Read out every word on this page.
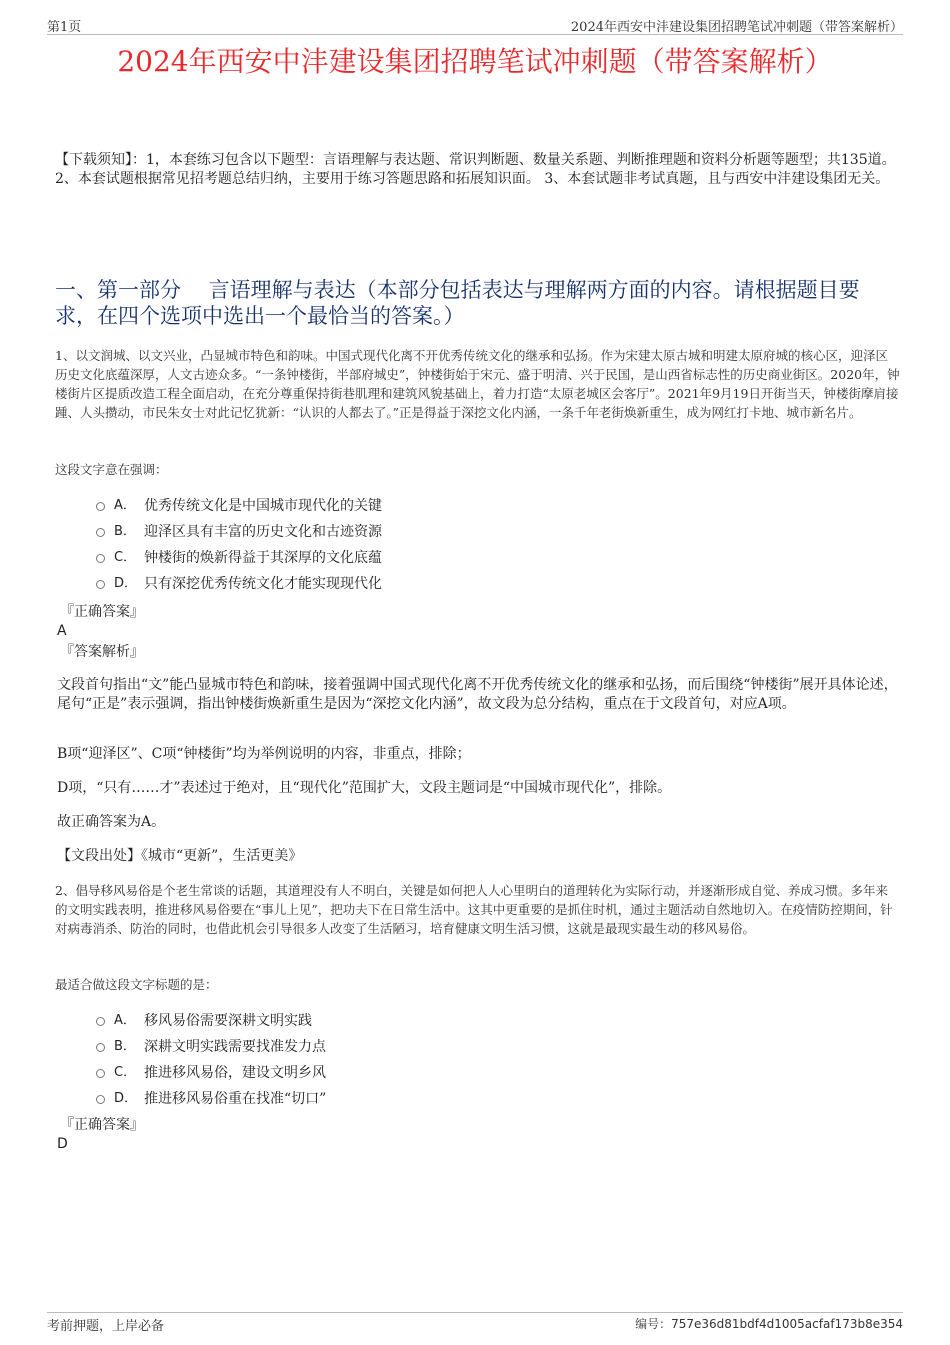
第1页	2024年西安中沣建设集团招聘笔试冲刺题（带答案解析）
2024年西安中沣建设集团招聘笔试冲刺题（带答案解析）
【下载须知】：1，本套练习包含以下题型：言语理解与表达题、常识判断题、数量关系题、判断推理题和资料分析题等题型；共135道。 2、本套试题根据常见招考题总结归纳，主要用于练习答题思路和拓展知识面。 3、本套试题非考试真题，且与西安中沣建设集团无关。
一、第一部分　 言语理解与表达（本部分包括表达与理解两方面的内容。请根据题目要求，在四个选项中选出一个最恰当的答案。）
1、以文润城、以文兴业，凸显城市特色和韵味。中国式现代化离不开优秀传统文化的继承和弘扬。作为宋建太原古城和明建太原府城的核心区，迎泽区历史文化底蕴深厚，人文古迹众多。“一条钟楼街，半部府城史”，钟楼街始于宋元、盛于明清、兴于民国，是山西省标志性的历史商业街区。2020年，钟楼街片区提质改造工程全面启动，在充分尊重保持街巷肌理和建筑风貌基础上，着力打造“太原老城区会客厅”。2021年9月19日开街当天，钟楼街摩肩接踵、人头攒动，市民朱女士对此记忆犹新：“认识的人都去了。”正是得益于深挖文化内涵，一条千年老街焕新重生，成为网红打卡地、城市新名片。
这段文字意在强调：
A． 优秀传统文化是中国城市现代化的关键
B． 迎泽区具有丰富的历史文化和古迹资源
C． 钟楼街的焕新得益于其深厚的文化底蕴
D． 只有深挖优秀传统文化才能实现现代化
『正确答案』
A
『答案解析』
文段首句指出“文”能凸显城市特色和韵味，接着强调中国式现代化离不开优秀传统文化的继承和弘扬，而后围绕“钟楼街”展开具体论述，尾句“正是”表示强调，指出钟楼街焕新重生是因为“深挖文化内涵”，故文段为总分结构，重点在于文段首句，对应A项。
B项“迎泽区”、C项“钟楼街”均为举例说明的内容，非重点，排除；
D项，“只有……才”表述过于绝对，且“现代化”范围扩大，文段主题词是“中国城市现代化”，排除。
故正确答案为A。
【文段出处】《城市“更新”，生活更美》
2、倡导移风易俗是个老生常谈的话题，其道理没有人不明白，关键是如何把人人心里明白的道理转化为实际行动，并逐渐形成自觉、养成习惯。多年来的文明实践表明，推进移风易俗要在“事儿上见”，把功夫下在日常生活中。这其中更重要的是抓住时机，通过主题活动自然地切入。在疫情防控期间，针对病毒消杀、防治的同时，也借此机会引导很多人改变了生活陋习，培育健康文明生活习惯，这就是最现实最生动的移风易俗。
最适合做这段文字标题的是：
A． 移风易俗需要深耕文明实践
B． 深耕文明实践需要找准发力点
C． 推进移风易俗，建设文明乡风
D． 推进移风易俗重在找准“切口”
『正确答案』
D
考前押题，上岸必备	编号：757e36d81bdf4d1005acfaf173b8e354
